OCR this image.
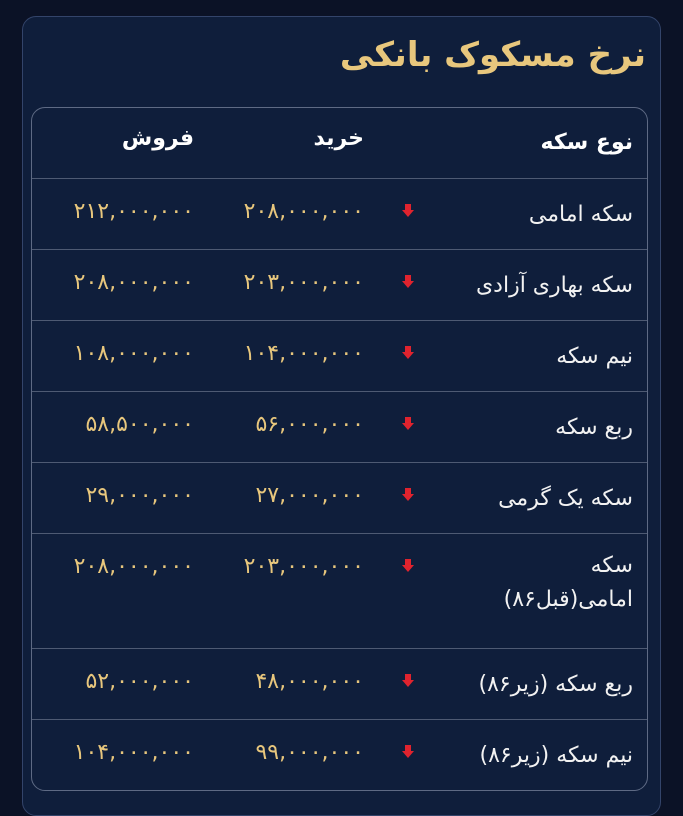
نرخ مسکوک بانکی
نوع سکه
خرید
فروش
سکه امامی
۲۰۸,۰۰۰,۰۰۰
۲۱۲,۰۰۰,۰۰۰
سکه بهاری آزادی
۲۰۳,۰۰۰,۰۰۰
۲۰۸,۰۰۰,۰۰۰
نیم سکه
۱۰۴,۰۰۰,۰۰۰
۱۰۸,۰۰۰,۰۰۰
ربع سکه
۵۶,۰۰۰,۰۰۰
۵۸,۵۰۰,۰۰۰
سکه یک گرمی
۲۷,۰۰۰,۰۰۰
۲۹,۰۰۰,۰۰۰
سکه امامی(قبل۸۶)
۲۰۳,۰۰۰,۰۰۰
۲۰۸,۰۰۰,۰۰۰
ربع سکه (زیر۸۶)
۴۸,۰۰۰,۰۰۰
۵۲,۰۰۰,۰۰۰
نیم سکه (زیر۸۶)
۹۹,۰۰۰,۰۰۰
۱۰۴,۰۰۰,۰۰۰
